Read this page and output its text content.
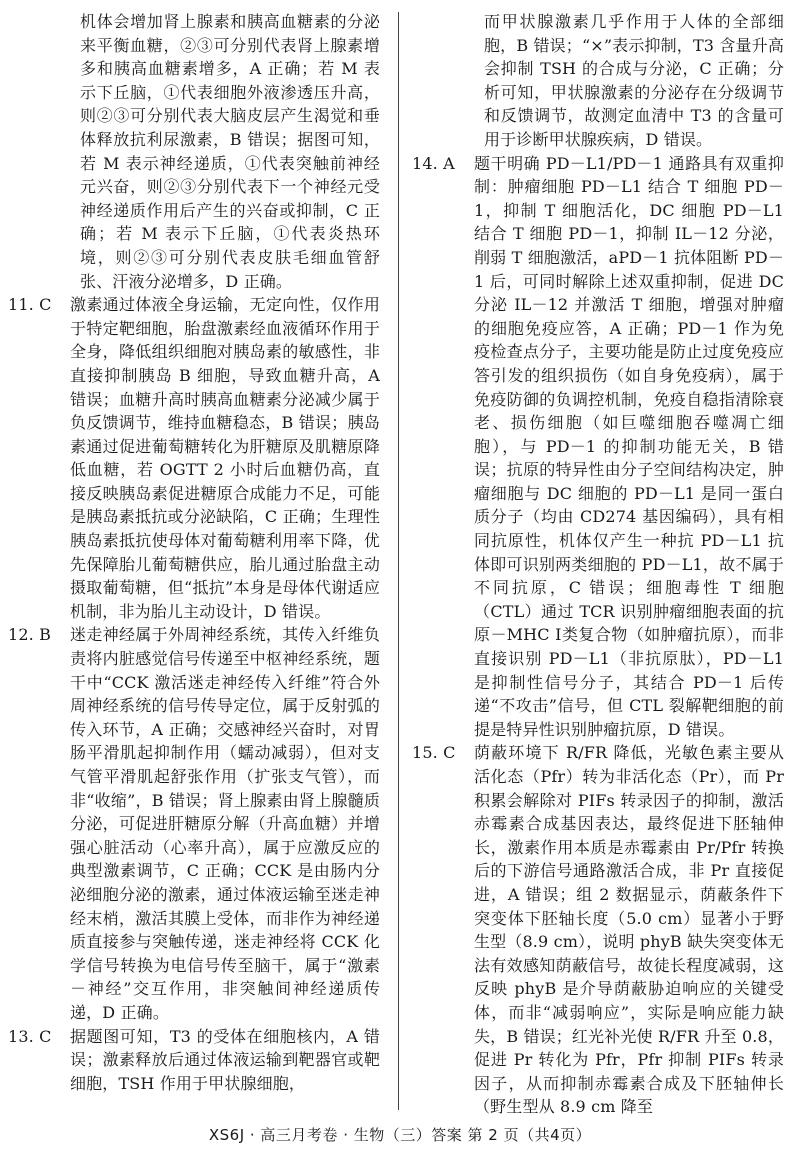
机体会增加肾上腺素和胰高血糖素的分泌来平衡血糖，②③可分别代表肾上腺素增多和胰高血糖素增多，A 正确；若 M 表示下丘脑，①代表细胞外液渗透压升高，则②③可分别代表大脑皮层产生渴觉和垂体释放抗利尿激素，B 错误；据图可知，若 M 表示神经递质，①代表突触前神经元兴奋，则②③分别代表下一个神经元受神经递质作用后产生的兴奋或抑制，C 正确；若 M 表示下丘脑，①代表炎热环境，则②③可分别代表皮肤毛细血管舒张、汗液分泌增多，D 正确。

11. C	激素通过体液全身运输，无定向性，仅作用于特定靶细胞，胎盘激素经血液循环作用于全身，降低组织细胞对胰岛素的敏感性，非直接抑制胰岛 B 细胞，导致血糖升高，A 错误；血糖升高时胰高血糖素分泌减少属于负反馈调节，维持血糖稳态，B 错误；胰岛素通过促进葡萄糖转化为肝糖原及肌糖原降低血糖，若 OGTT 2 小时后血糖仍高，直接反映胰岛素促进糖原合成能力不足，可能是胰岛素抵抗或分泌缺陷，C 正确；生理性胰岛素抵抗使母体对葡萄糖利用率下降，优先保障胎儿葡萄糖供应，胎儿通过胎盘主动摄取葡萄糖，但“抵抗”本身是母体代谢适应机制，非为胎儿主动设计，D 错误。

12. B	迷走神经属于外周神经系统，其传入纤维负责将内脏感觉信号传递至中枢神经系统，题干中“CCK 激活迷走神经传入纤维”符合外周神经系统的信号传导定位，属于反射弧的传入环节，A 正确；交感神经兴奋时，对胃肠平滑肌起抑制作用（蠕动减弱），但对支气管平滑肌起舒张作用（扩张支气管），而非“收缩”，B 错误；肾上腺素由肾上腺髓质分泌，可促进肝糖原分解（升高血糖）并增强心脏活动（心率升高），属于应激反应的典型激素调节，C 正确；CCK 是由肠内分泌细胞分泌的激素，通过体液运输至迷走神经末梢，激活其膜上受体，而非作为神经递质直接参与突触传递，迷走神经将 CCK 化学信号转换为电信号传至脑干，属于“激素－神经”交互作用，非突触间神经递质传递，D 正确。

13. C	据题图可知，T3 的受体在细胞核内，A 错误；激素释放后通过体液运输到靶器官或靶细胞，TSH 作用于甲状腺细胞，

而甲状腺激素几乎作用于人体的全部细胞，B 错误；“×”表示抑制，T3 含量升高会抑制 TSH 的合成与分泌，C 正确；分析可知，甲状腺激素的分泌存在分级调节和反馈调节，故测定血清中 T3 的含量可用于诊断甲状腺疾病，D 错误。

14. A	题干明确 PD－L1/PD－1 通路具有双重抑制：肿瘤细胞 PD－L1 结合 T 细胞 PD－1，抑制 T 细胞活化，DC 细胞 PD－L1 结合 T 细胞 PD－1，抑制 IL－12 分泌，削弱 T 细胞激活，aPD－1 抗体阻断 PD－1 后，可同时解除上述双重抑制，促进 DC 分泌 IL－12 并激活 T 细胞，增强对肿瘤的细胞免疫应答，A 正确；PD－1 作为免疫检查点分子，主要功能是防止过度免疫应答引发的组织损伤（如自身免疫病），属于免疫防御的负调控机制，免疫自稳指清除衰老、损伤细胞（如巨噬细胞吞噬凋亡细胞），与 PD－1 的抑制功能无关，B 错误；抗原的特异性由分子空间结构决定，肿瘤细胞与 DC 细胞的 PD－L1 是同一蛋白质分子（均由 CD274 基因编码），具有相同抗原性，机体仅产生一种抗 PD－L1 抗体即可识别两类细胞的 PD－L1，故不属于不同抗原，C 错误；细胞毒性 T 细胞（CTL）通过 TCR 识别肿瘤细胞表面的抗原－MHC Ⅰ类复合物（如肿瘤抗原），而非直接识别 PD－L1（非抗原肽），PD－L1 是抑制性信号分子，其结合 PD－1 后传递“不攻击”信号，但 CTL 裂解靶细胞的前提是特异性识别肿瘤抗原，D 错误。

15. C	荫蔽环境下 R/FR 降低，光敏色素主要从活化态（Pfr）转为非活化态（Pr），而 Pr 积累会解除对 PIFs 转录因子的抑制，激活赤霉素合成基因表达，最终促进下胚轴伸长，激素作用本质是赤霉素由 Pr/Pfr 转换后的下游信号通路激活合成，非 Pr 直接促进，A 错误；组 2 数据显示，荫蔽条件下突变体下胚轴长度（5.0 cm）显著小于野生型（8.9 cm），说明 phyB 缺失突变体无法有效感知荫蔽信号，故徒长程度减弱，这反映 phyB 是介导荫蔽胁迫响应的关键受体，而非“减弱响应”，实际是响应能力缺失，B 错误；红光补光使 R/FR 升至 0.8，促进 Pr 转化为 Pfr，Pfr 抑制 PIFs 转录因子，从而抑制赤霉素合成及下胚轴伸长（野生型从 8.9 cm 降至

XS6J · 高三月考卷 · 生物（三）答案 第 2 页（共4页）
